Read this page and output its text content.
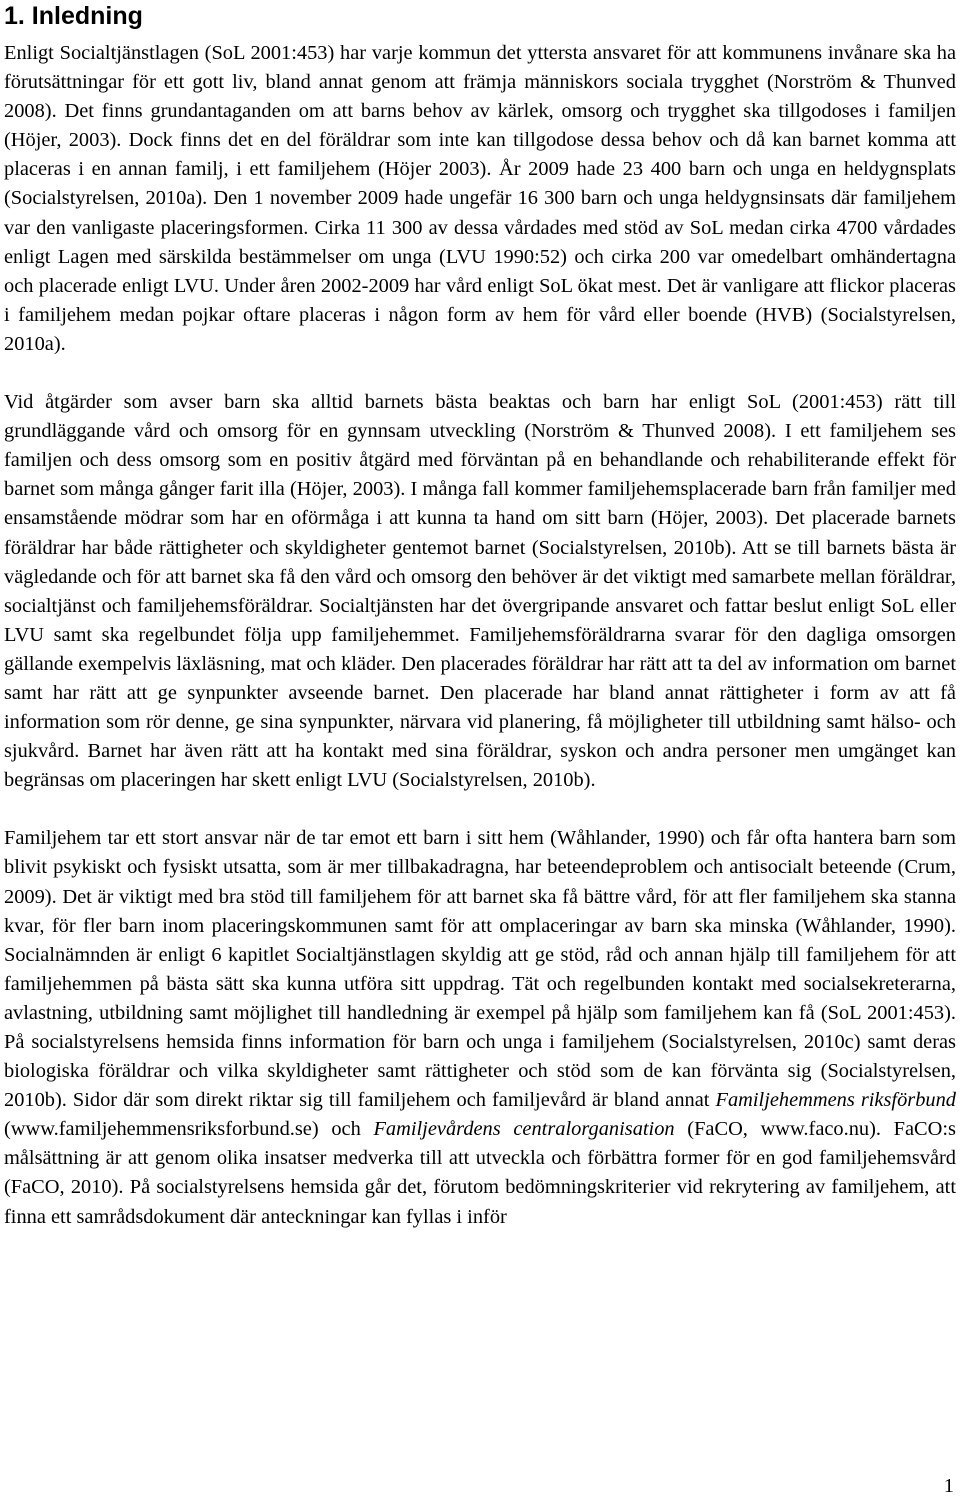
1. Inledning

Enligt Socialtjänstlagen (SoL 2001:453) har varje kommun det yttersta ansvaret för att kommunens invånare ska ha förutsättningar för ett gott liv, bland annat genom att främja människors sociala trygghet (Norström & Thunved 2008). Det finns grundantaganden om att barns behov av kärlek, omsorg och trygghet ska tillgodoses i familjen (Höjer, 2003). Dock finns det en del föräldrar som inte kan tillgodose dessa behov och då kan barnet komma att placeras i en annan familj, i ett familjehem (Höjer 2003). År 2009 hade 23 400 barn och unga en heldygnsplats (Socialstyrelsen, 2010a). Den 1 november 2009 hade ungefär 16 300 barn och unga heldygnsinsats där familjehem var den vanligaste placeringsformen. Cirka 11 300 av dessa vårdades med stöd av SoL medan cirka 4700 vårdades enligt Lagen med särskilda bestämmelser om unga (LVU 1990:52) och cirka 200 var omedelbart omhändertagna och placerade enligt LVU. Under åren 2002-2009 har vård enligt SoL ökat mest. Det är vanligare att flickor placeras i familjehem medan pojkar oftare placeras i någon form av hem för vård eller boende (HVB) (Socialstyrelsen, 2010a).

Vid åtgärder som avser barn ska alltid barnets bästa beaktas och barn har enligt SoL (2001:453) rätt till grundläggande vård och omsorg för en gynnsam utveckling (Norström & Thunved 2008). I ett familjehem ses familjen och dess omsorg som en positiv åtgärd med förväntan på en behandlande och rehabiliterande effekt för barnet som många gånger farit illa (Höjer, 2003). I många fall kommer familjehemsplacerade barn från familjer med ensamstående mödrar som har en oförmåga i att kunna ta hand om sitt barn (Höjer, 2003). Det placerade barnets föräldrar har både rättigheter och skyldigheter gentemot barnet (Socialstyrelsen, 2010b). Att se till barnets bästa är vägledande och för att barnet ska få den vård och omsorg den behöver är det viktigt med samarbete mellan föräldrar, socialtjänst och familjehemsföräldrar. Socialtjänsten har det övergripande ansvaret och fattar beslut enligt SoL eller LVU samt ska regelbundet följa upp familjehemmet. Familjehemsföräldrarna svarar för den dagliga omsorgen gällande exempelvis läxläsning, mat och kläder. Den placerades föräldrar har rätt att ta del av information om barnet samt har rätt att ge synpunkter avseende barnet. Den placerade har bland annat rättigheter i form av att få information som rör denne, ge sina synpunkter, närvara vid planering, få möjligheter till utbildning samt hälso- och sjukvård. Barnet har även rätt att ha kontakt med sina föräldrar, syskon och andra personer men umgänget kan begränsas om placeringen har skett enligt LVU (Socialstyrelsen, 2010b).

Familjehem tar ett stort ansvar när de tar emot ett barn i sitt hem (Wåhlander, 1990) och får ofta hantera barn som blivit psykiskt och fysiskt utsatta, som är mer tillbakadragna, har beteendeproblem och antisocialt beteende (Crum, 2009). Det är viktigt med bra stöd till familjehem för att barnet ska få bättre vård, för att fler familjehem ska stanna kvar, för fler barn inom placeringskommunen samt för att omplaceringar av barn ska minska (Wåhlander, 1990). Socialnämnden är enligt 6 kapitlet Socialtjänstlagen skyldig att ge stöd, råd och annan hjälp till familjehem för att familjehemmen på bästa sätt ska kunna utföra sitt uppdrag. Tät och regelbunden kontakt med socialsekreterarna, avlastning, utbildning samt möjlighet till handledning är exempel på hjälp som familjehem kan få (SoL 2001:453). På socialstyrelsens hemsida finns information för barn och unga i familjehem (Socialstyrelsen, 2010c) samt deras biologiska föräldrar och vilka skyldigheter samt rättigheter och stöd som de kan förvänta sig (Socialstyrelsen, 2010b). Sidor där som direkt riktar sig till familjehem och familjevård är bland annat Familjehemmens riksförbund (www.familjehemmensriksforbund.se) och Familjevårdens centralorganisation (FaCO, www.faco.nu). FaCO:s målsättning är att genom olika insatser medverka till att utveckla och förbättra former för en god familjehemsvård (FaCO, 2010). På socialstyrelsens hemsida går det, förutom bedömningskriterier vid rekrytering av familjehem, att finna ett samrådsdokument där anteckningar kan fyllas i inför

1
